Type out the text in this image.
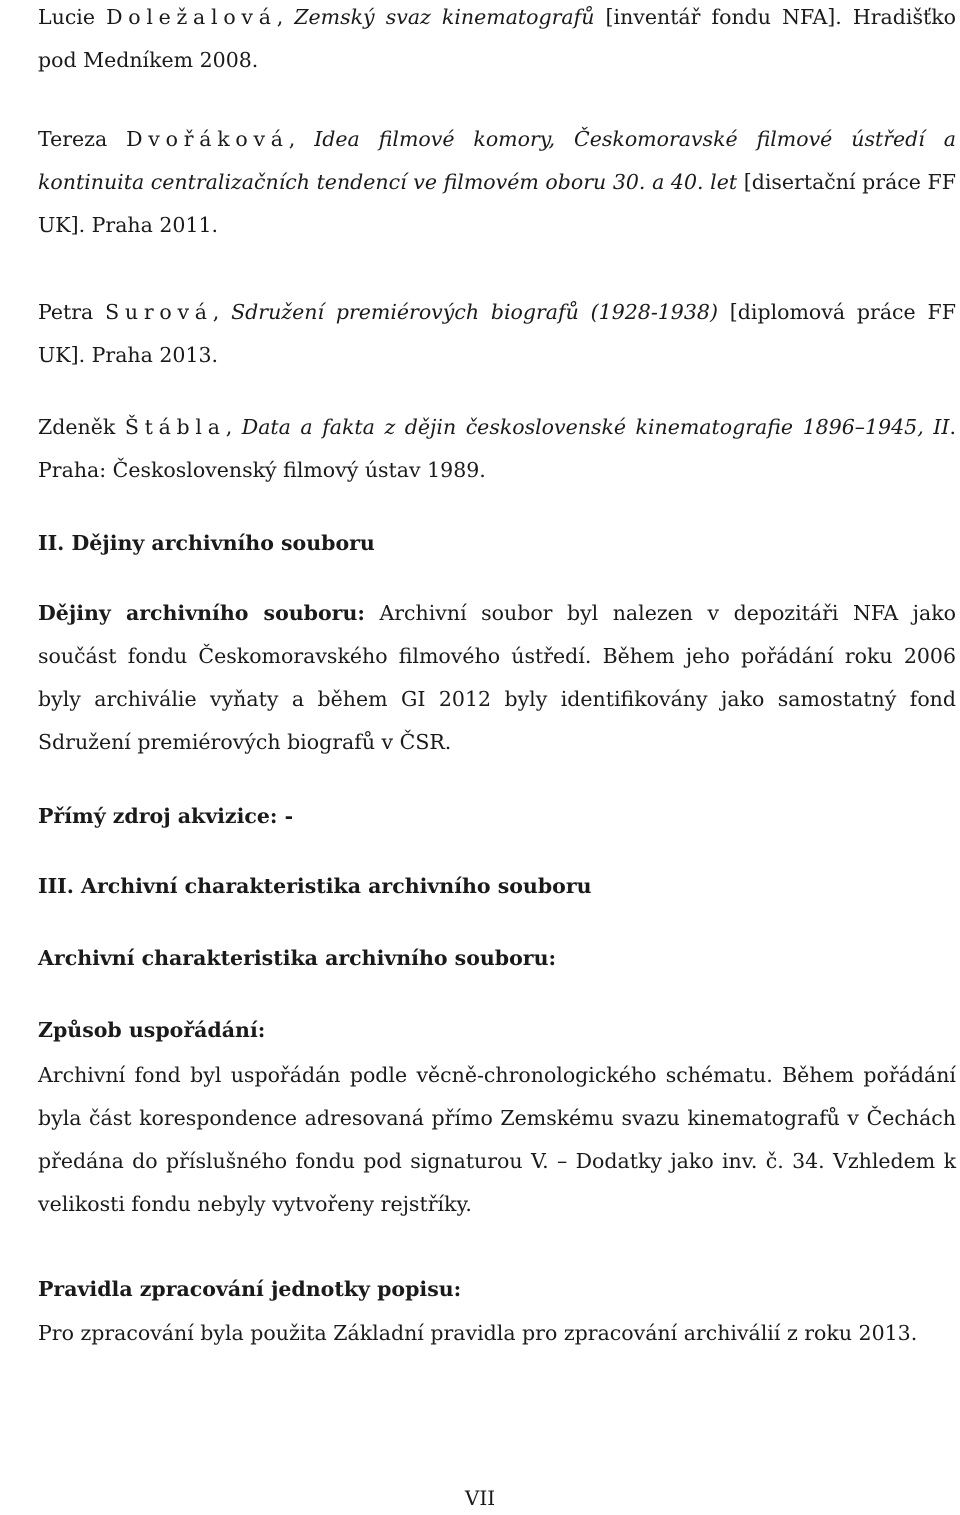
Lucie Doležalová, Zemský svaz kinematografů [inventář fondu NFA]. Hradišťko pod Medníkem 2008.

Tereza Dvořáková, Idea filmové komory, Českomoravské filmové ústředí a kontinuita centralizačních tendencí ve filmovém oboru 30. a 40. let [disertační práce FF UK]. Praha 2011.

Petra Surová, Sdružení premiérových biografů (1928-1938) [diplomová práce FF UK]. Praha 2013.

Zdeněk Štábla, Data a fakta z dějin československé kinematografie 1896–1945, II. Praha: Československý filmový ústav 1989.

II. Dějiny archivního souboru

Dějiny archivního souboru: Archivní soubor byl nalezen v depozitáři NFA jako součást fondu Českomoravského filmového ústředí. Během jeho pořádání roku 2006 byly archiválie vyňaty a během GI 2012 byly identifikovány jako samostatný fond Sdružení premiérových biografů v ČSR.

Přímý zdroj akvizice: -

III. Archivní charakteristika archivního souboru

Archivní charakteristika archivního souboru:

Způsob uspořádání:

Archivní fond byl uspořádán podle věcně-chronologického schématu. Během pořádání byla část korespondence adresovaná přímo Zemskému svazu kinematografů v Čechách předána do příslušného fondu pod signaturou V. – Dodatky jako inv. č. 34. Vzhledem k velikosti fondu nebyly vytvořeny rejstříky.

Pravidla zpracování jednotky popisu:

Pro zpracování byla použita Základní pravidla pro zpracování archiválií z roku 2013.

VII
